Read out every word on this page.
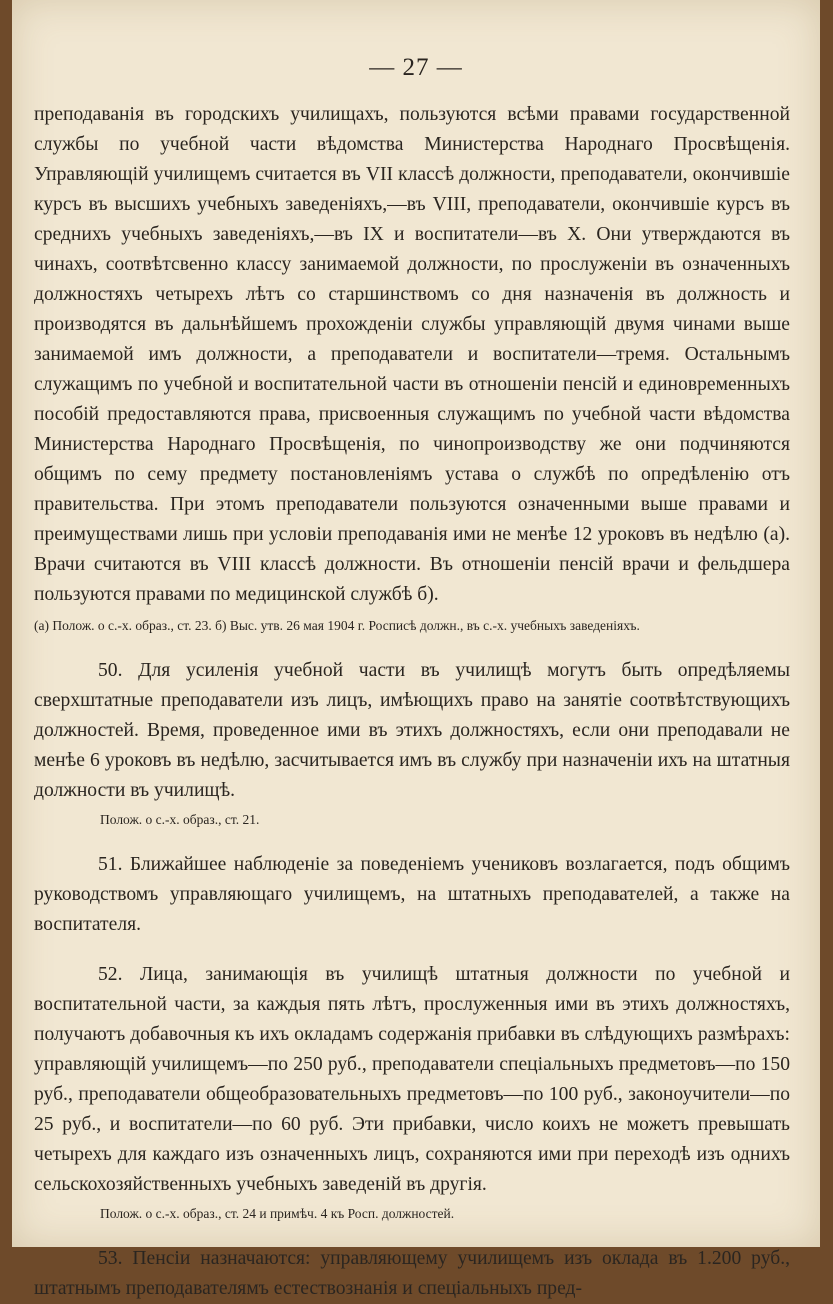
— 27 —

преподаванія въ городскихъ училищахъ, пользуются всѣми правами государственной службы по учебной части вѣдомства Министерства Народнаго Просвѣщенія. Управляющій училищемъ считается въ VII классѣ должности, преподаватели, окончившіе курсъ въ высшихъ учебныхъ заведеніяхъ,—въ VIII, преподаватели, окончившіе курсъ въ среднихъ учебныхъ заведеніяхъ,—въ IX и воспитатели—въ X. Они утверждаются въ чинахъ, соотвѣтсвенно классу занимаемой должности, по прослуженіи въ означенныхъ должностяхъ четырехъ лѣтъ со старшинствомъ со дня назначенія въ должность и производятся въ дальнѣйшемъ прохожденіи службы управляющій двумя чинами выше занимаемой имъ должности, а преподаватели и воспитатели—тремя. Остальнымъ служащимъ по учебной и воспитательной части въ отношеніи пенсій и единовременныхъ пособій предоставляются права, присвоенныя служащимъ по учебной части вѣдомства Министерства Народнаго Просвѣщенія, по чинопроизводству же они подчиняются общимъ по сему предмету постановленіямъ устава о службѣ по опредѣленію отъ правительства. При этомъ преподаватели пользуются означенными выше правами и преимуществами лишь при условіи преподаванія ими не менѣе 12 уроковъ въ недѣлю (а). Врачи считаются въ VIII классѣ должности. Въ отношеніи пенсій врачи и фельдшера пользуются правами по медицинской службѣ б).

(а) Полож. о с.-х. образ., ст. 23. б) Выс. утв. 26 мая 1904 г. Росписѣ должн., въ с.-х. учебныхъ заведеніяхъ.

50. Для усиленія учебной части въ училищѣ могутъ быть опредѣляемы сверхштатные преподаватели изъ лицъ, имѣющихъ право на занятіе соотвѣтствующихъ должностей. Время, проведенное ими въ этихъ должностяхъ, если они преподавали не менѣе 6 уроковъ въ недѣлю, засчитывается имъ въ службу при назначеніи ихъ на штатныя должности въ училищѣ.

Полож. о с.-х. образ., ст. 21.

51. Ближайшее наблюденіе за поведеніемъ учениковъ возлагается, подъ общимъ руководствомъ управляющаго училищемъ, на штатныхъ преподавателей, а также на воспитателя.

52. Лица, занимающія въ училищѣ штатныя должности по учебной и воспитательной части, за каждыя пять лѣтъ, прослуженныя ими въ этихъ должностяхъ, получаютъ добавочныя къ ихъ окладамъ содержанія прибавки въ слѣдующихъ размѣрахъ: управляющій училищемъ—по 250 руб., преподаватели спеціальныхъ предметовъ—по 150 руб., преподаватели общеобразовательныхъ предметовъ—по 100 руб., законоучители—по 25 руб., и воспитатели—по 60 руб. Эти прибавки, число коихъ не можетъ превышать четырехъ для каждаго изъ означенныхъ лицъ, сохраняются ими при переходѣ изъ однихъ сельскохозяйственныхъ учебныхъ заведеній въ другія.

Полож. о с.-х. образ., ст. 24 и примѣч. 4 къ Росп. должностей.

53. Пенсіи назначаются: управляющему училищемъ изъ оклада въ 1.200 руб., штатнымъ преподавателямъ естествознанія и спеціальныхъ пред-
